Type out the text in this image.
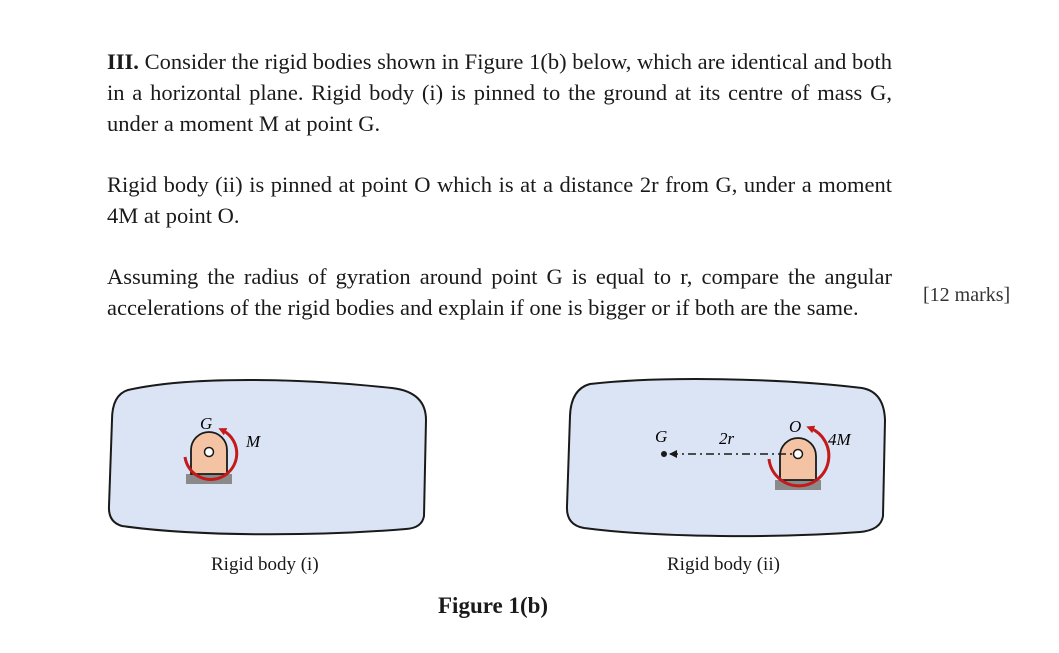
III. Consider the rigid bodies shown in Figure 1(b) below, which are identical and both in a horizontal plane. Rigid body (i) is pinned to the ground at its centre of mass G, under a moment M at point G.

Rigid body (ii) is pinned at point O which is at a distance 2r from G, under a moment 4M at point O.

Assuming the radius of gyration around point G is equal to r, compare the angular accelerations of the rigid bodies and explain if one is bigger or if both are the same.	[12 marks]
G
M	G	2r
O
4M
Rigid body (i)	Rigid body (ii)
Figure 1(b)
